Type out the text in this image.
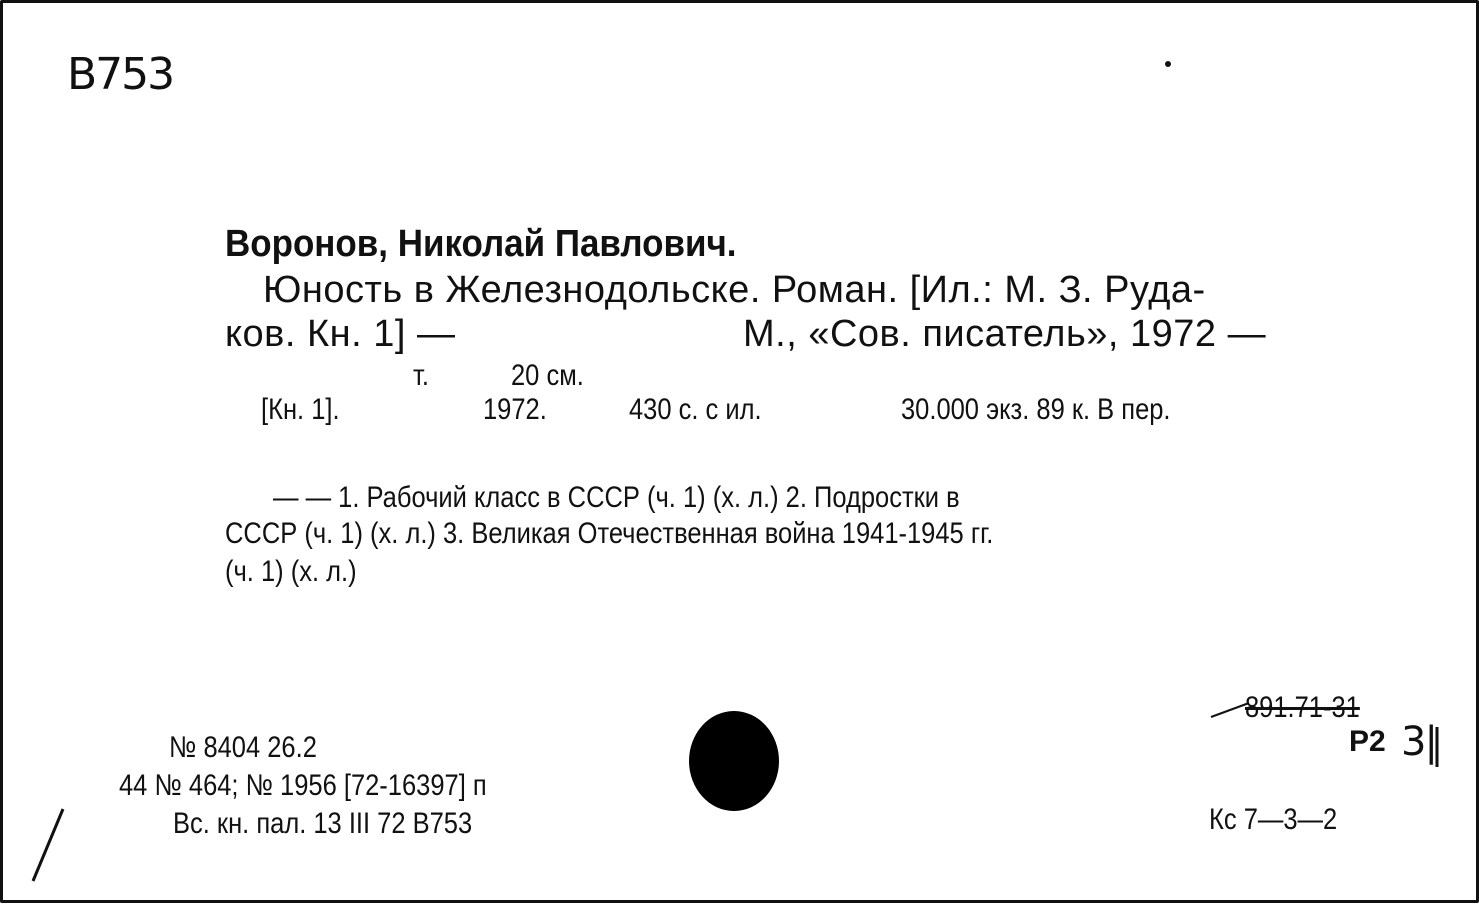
В753
Воронов, Николай Павлович.
Юность в Железнодольске. Роман. [Ил.: М. З. Руда-
ков. Кн. 1] —	М., «Сов. писатель», 1972 —
т.	20 см.
[Кн. 1].	1972.	430 с. с ил.	30.000 экз. 89 к. В пер.
— — 1. Рабочий класс в СССР (ч. 1) (х. л.) 2. Подростки в
СССР (ч. 1) (х. л.) 3. Великая Отечественная война 1941-1945 гг.
(ч. 1) (х. л.)
№ 8404 26.2
44 № 464; № 1956 [72-16397] п
Вс. кн. пал. 13 III 72 В753
891.71-31
Р2 3|
Кс 7—3—2
